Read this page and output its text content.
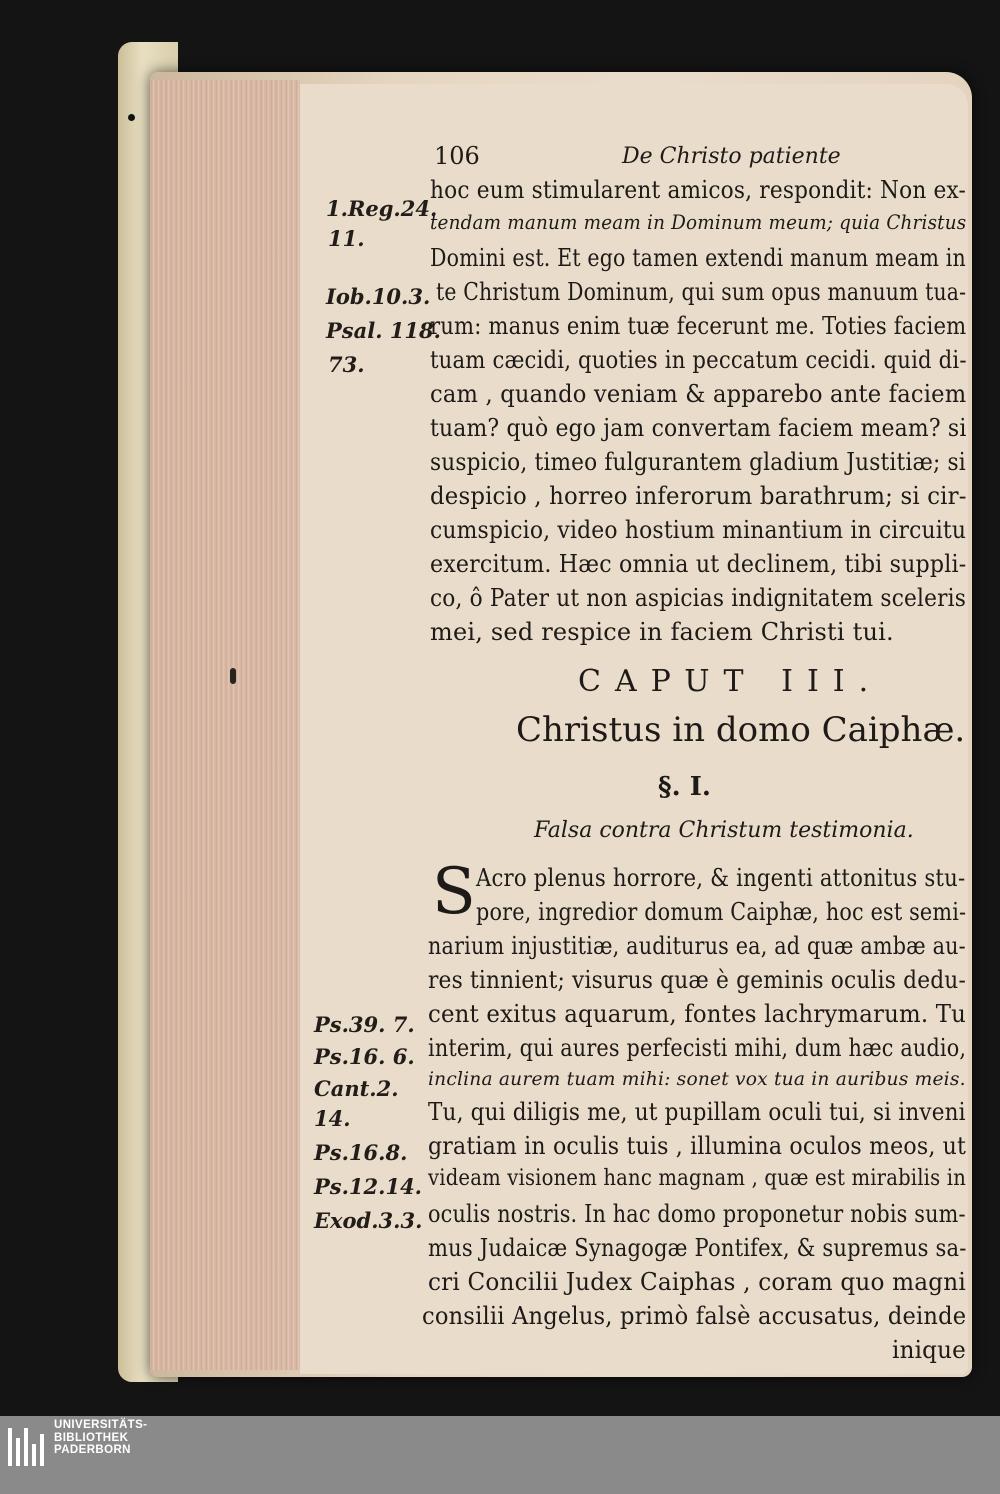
106	De Christo patiente
1.Reg.24.
11.
Iob.10.3.
Psal. 118.
73.
Ps.39. 7.
Ps.16. 6.
Cant.2.
14.
Ps.16.8.
Ps.12.14.
Exod.3.3.
hoc eum stimularent amicos, respondit: Non ex-
tendam manum meam in Dominum meum; quia Christus
Domini est. Et ego tamen extendi manum meam in
te Christum Dominum, qui sum opus manuum tua-
rum: manus enim tuæ fecerunt me. Toties faciem
tuam cæcidi, quoties in peccatum cecidi. quid di-
cam , quando veniam & apparebo ante faciem
tuam? quò ego jam convertam faciem meam? si
suspicio, timeo fulgurantem gladium Justitiæ; si
despicio , horreo inferorum barathrum; si cir-
cumspicio, video hostium minantium in circuitu
exercitum. Hæc omnia ut declinem, tibi suppli-
co, ô Pater ut non aspicias indignitatem sceleris
mei, sed respice in faciem Christi tui.
CAPUT III.
Christus in domo Caiphæ.
§. I.
Falsa contra Christum testimonia.
S Acro plenus horrore, & ingenti attonitus stu-
pore, ingredior domum Caiphæ, hoc est semi-
narium injustitiæ, auditurus ea, ad quæ ambæ au-
res tinnient; visurus quæ è geminis oculis dedu-
cent exitus aquarum, fontes lachrymarum. Tu
interim, qui aures perfecisti mihi, dum hæc audio,
inclina aurem tuam mihi: sonet vox tua in auribus meis.
Tu, qui diligis me, ut pupillam oculi tui, si inveni
gratiam in oculis tuis , illumina oculos meos, ut
videam visionem hanc magnam , quæ est mirabilis in
oculis nostris. In hac domo proponetur nobis sum-
mus Judaicæ Synagogæ Pontifex, & supremus sa-
cri Concilii Judex Caiphas , coram quo magni
consilii Angelus, primò falsè accusatus, deinde
inique
UNIVERSITÄTS-
BIBLIOTHEK
PADERBORN
